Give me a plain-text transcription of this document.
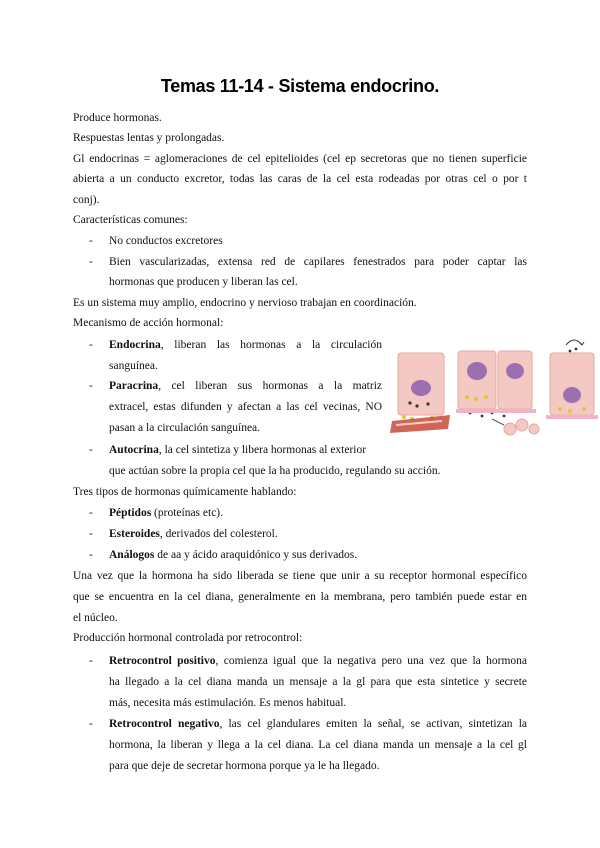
Temas 11-14 - Sistema endocrino.
Produce hormonas.
Respuestas lentas y prolongadas.
Gl endocrinas = aglomeraciones de cel epitelioides (cel ep secretoras que no tienen superficie
abierta a un conducto excretor, todas las caras de la cel esta rodeadas por otras cel o por t
conj).
Características comunes:
- No conductos excretores
- Bien vascularizadas, extensa red de capilares fenestrados para poder captar las
hormonas que producen y liberan las cel.
Es un sistema muy amplio, endocrino y nervioso trabajan en coordinación.
Mecanismo de acción hormonal:
- Endocrina, liberan las hormonas a la circulación
sanguínea.
- Paracrina, cel liberan sus hormonas a la matriz
extracel, estas difunden y afectan a las cel vecinas, NO
pasan a la circulación sanguínea.
- Autocrina, la cel sintetiza y libera hormonas al exterior
que actúan sobre la propia cel que la ha producido, regulando su acción.
Tres tipos de hormonas químicamente hablando:
- Péptidos (proteínas etc).
- Esteroides, derivados del colesterol.
- Análogos de aa y ácido araquidónico y sus derivados.
Una vez que la hormona ha sido liberada se tiene que unir a su receptor hormonal específico
que se encuentra en la cel diana, generalmente en la membrana, pero también puede estar en
el núcleo.
Producción hormonal controlada por retrocontrol:
- Retrocontrol positivo, comienza igual que la negativa pero una vez que la hormona
ha llegado a la cel diana manda un mensaje a la gl para que esta sintetice y secrete
más, necesita más estimulación. Es menos habitual.
- Retrocontrol negativo, las cel glandulares emiten la señal, se activan, sintetizan la
hormona, la liberan y llega a la cel diana. La cel diana manda un mensaje a la cel gl
para que deje de secretar hormona porque ya le ha llegado.
